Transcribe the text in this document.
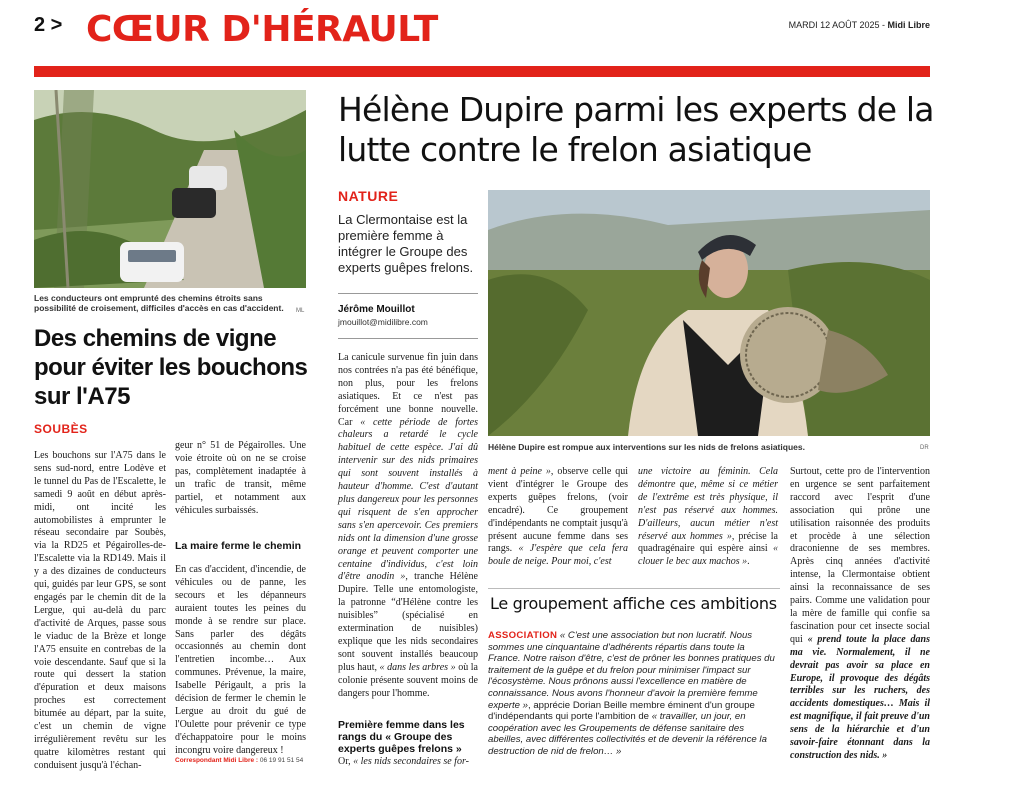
2 > CŒUR D'HÉRAULT	MARDI 12 AOÛT 2025 - Midi Libre
Les conducteurs ont emprunté des chemins étroits sans possibilité de croisement, difficiles d'accès en cas d'accident. ML
Des chemins de vigne pour éviter les bouchons sur l'A75
SOUBÈS
Les bouchons sur l'A75 dans le sens sud-nord, entre Lodève et le tunnel du Pas de l'Escalette, le samedi 9 août en début après-midi, ont incité les automobilistes à emprunter le réseau secondaire par Soubès, via la RD25 et Pégairolles-de-l'Escalette via la RD149. Mais il y a des dizaines de conducteurs qui, guidés par leur GPS, se sont engagés par le chemin dit de la Lergue, qui au-delà du parc d'activité de Arques, passe sous le viaduc de la Brèze et longe l'A75 ensuite en contrebas de la voie descendante. Sauf que si la route qui dessert la station d'épuration et deux maisons proches est correctement bitumée au départ, par la suite, c'est un chemin de vigne irrégulièrement revêtu sur les quatre kilomètres restant qui conduisent jusqu'à l'échan-
geur n° 51 de Pégairolles. Une voie étroite où on ne se croise pas, complètement inadaptée à un trafic de transit, même partiel, et notamment aux véhicules surbaissés.
La maire ferme le chemin
En cas d'accident, d'incendie, de véhicules ou de panne, les secours et les dépanneurs auraient toutes les peines du monde à se rendre sur place. Sans parler des dégâts occasionnés au chemin dont l'entretien incombe… Aux communes. Prévenue, la maire, Isabelle Périgault, a pris la décision de fermer le chemin le Lergue au droit du gué de l'Oulette pour prévenir ce type d'échappatoire pour le moins incongru voire dangereux !
Correspondant Midi Libre : 06 19 91 51 54
Hélène Dupire parmi les experts de la lutte contre le frelon asiatique
NATURE
La Clermontaise est la première femme à intégrer le Groupe des experts guêpes frelons.
Jérôme Mouillot
jmouillot@midilibre.com
Hélène Dupire est rompue aux interventions sur les nids de frelons asiatiques.	DR
La canicule survenue fin juin dans nos contrées n'a pas été bénéfique, non plus, pour les frelons asiatiques. Et ce n'est pas forcément une bonne nouvelle. Car « cette période de fortes chaleurs a retardé le cycle habituel de cette espèce. J'ai dû intervenir sur des nids primaires qui sont souvent installés à hauteur d'homme. C'est d'autant plus dangereux pour les personnes qui risquent de s'en approcher sans s'en apercevoir. Ces premiers nids ont la dimension d'une grosse orange et peuvent comporter une centaine d'individus, c'est loin d'être anodin », tranche Hélène Dupire. Telle une entomologiste, la patronne “d'Hélène contre les nuisibles” (spécialisé en extermination de nuisibles) explique que les nids secondaires sont souvent installés beaucoup plus haut, « dans les arbres » où la colonie présente souvent moins de dangers pour l'homme.
Première femme dans les rangs du « Groupe des experts guêpes frelons »
Or, « les nids secondaires se for-
ment à peine », observe celle qui vient d'intégrer le Groupe des experts guêpes frelons, (voir encadré). Ce groupement d'indépendants ne comptait jusqu'à présent aucune femme dans ses rangs. « J'espère que cela fera boule de neige. Pour moi, c'est
une victoire au féminin. Cela démontre que, même si ce métier de l'extrême est très physique, il n'est pas réservé aux hommes. D'ailleurs, aucun métier n'est réservé aux hommes », précise la quadragénaire qui espère ainsi « clouer le bec aux machos ».
Surtout, cette pro de l'intervention en urgence se sent parfaitement raccord avec l'esprit d'une association qui prône une utilisation raisonnée des produits et procède à une sélection draconienne de ses membres. Après cinq années d'activité intense, la Clermontaise obtient ainsi la reconnaissance de ses pairs. Comme une validation pour la mère de famille qui confie sa fascination pour cet insecte social qui « prend toute la place dans ma vie. Normalement, il ne devrait pas avoir sa place en Europe, il provoque des dégâts terribles sur les ruchers, des accidents domestiques… Mais il est magnifique, il fait preuve d'un sens de la hiérarchie et d'un savoir-faire étonnant dans la construction des nids. »
Le groupement affiche ces ambitions
ASSOCIATION « C'est une association but non lucratif. Nous sommes une cinquantaine d'adhérents répartis dans toute la France. Notre raison d'être, c'est de prôner les bonnes pratiques du traitement de la guêpe et du frelon pour minimiser l'impact sur l'écosystème. Nous prônons aussi l'excellence en matière de connaissance. Nous avons l'honneur d'avoir la première femme experte », apprécie Dorian Beille membre éminent d'un groupe d'indépendants qui porte l'ambition de « travailler, un jour, en coopération avec les Groupements de défense sanitaire des abeilles, avec différentes collectivités et de devenir la référence la destruction de nid de frelon… »
